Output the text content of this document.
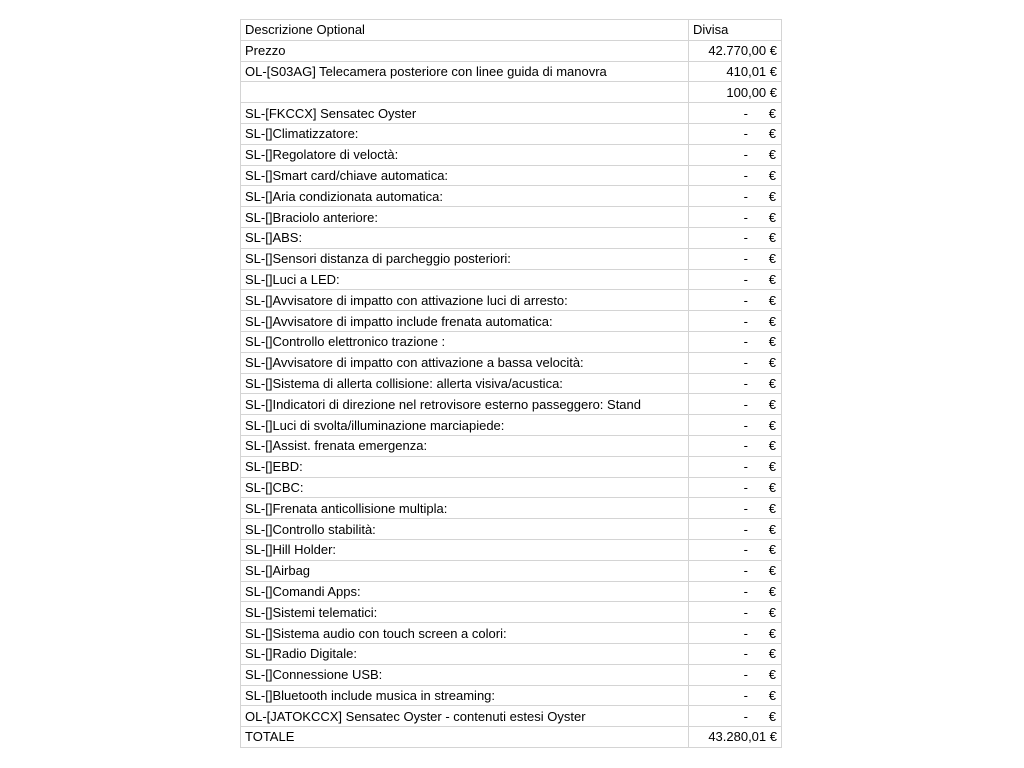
Descrizione Optional	Divisa
Prezzo	42.770,00 €
OL-[S03AG] Telecamera posteriore con linee guida di manovra	410,01 €
	100,00 €
SL-[FKCCX] Sensatec Oyster	- €
SL-[]Climatizzatore:	- €
SL-[]Regolatore di veloctà:	- €
SL-[]Smart card/chiave automatica:	- €
SL-[]Aria condizionata automatica:	- €
SL-[]Braciolo anteriore:	- €
SL-[]ABS:	- €
SL-[]Sensori distanza di parcheggio posteriori:	- €
SL-[]Luci a LED:	- €
SL-[]Avvisatore di impatto con attivazione luci di arresto:	- €
SL-[]Avvisatore di impatto include frenata automatica:	- €
SL-[]Controllo elettronico trazione :	- €
SL-[]Avvisatore di impatto con attivazione a bassa velocità:	- €
SL-[]Sistema di allerta collisione: allerta visiva/acustica:	- €
SL-[]Indicatori di direzione nel retrovisore esterno passeggero: Stand	- €
SL-[]Luci di svolta/illuminazione marciapiede:	- €
SL-[]Assist. frenata emergenza:	- €
SL-[]EBD:	- €
SL-[]CBC:	- €
SL-[]Frenata anticollisione multipla:	- €
SL-[]Controllo stabilità:	- €
SL-[]Hill Holder:	- €
SL-[]Airbag	- €
SL-[]Comandi Apps:	- €
SL-[]Sistemi telematici:	- €
SL-[]Sistema audio con touch screen a colori:	- €
SL-[]Radio Digitale:	- €
SL-[]Connessione USB:	- €
SL-[]Bluetooth include musica in streaming:	- €
OL-[JATOKCCX] Sensatec Oyster - contenuti estesi Oyster	- €
TOTALE	43.280,01 €
